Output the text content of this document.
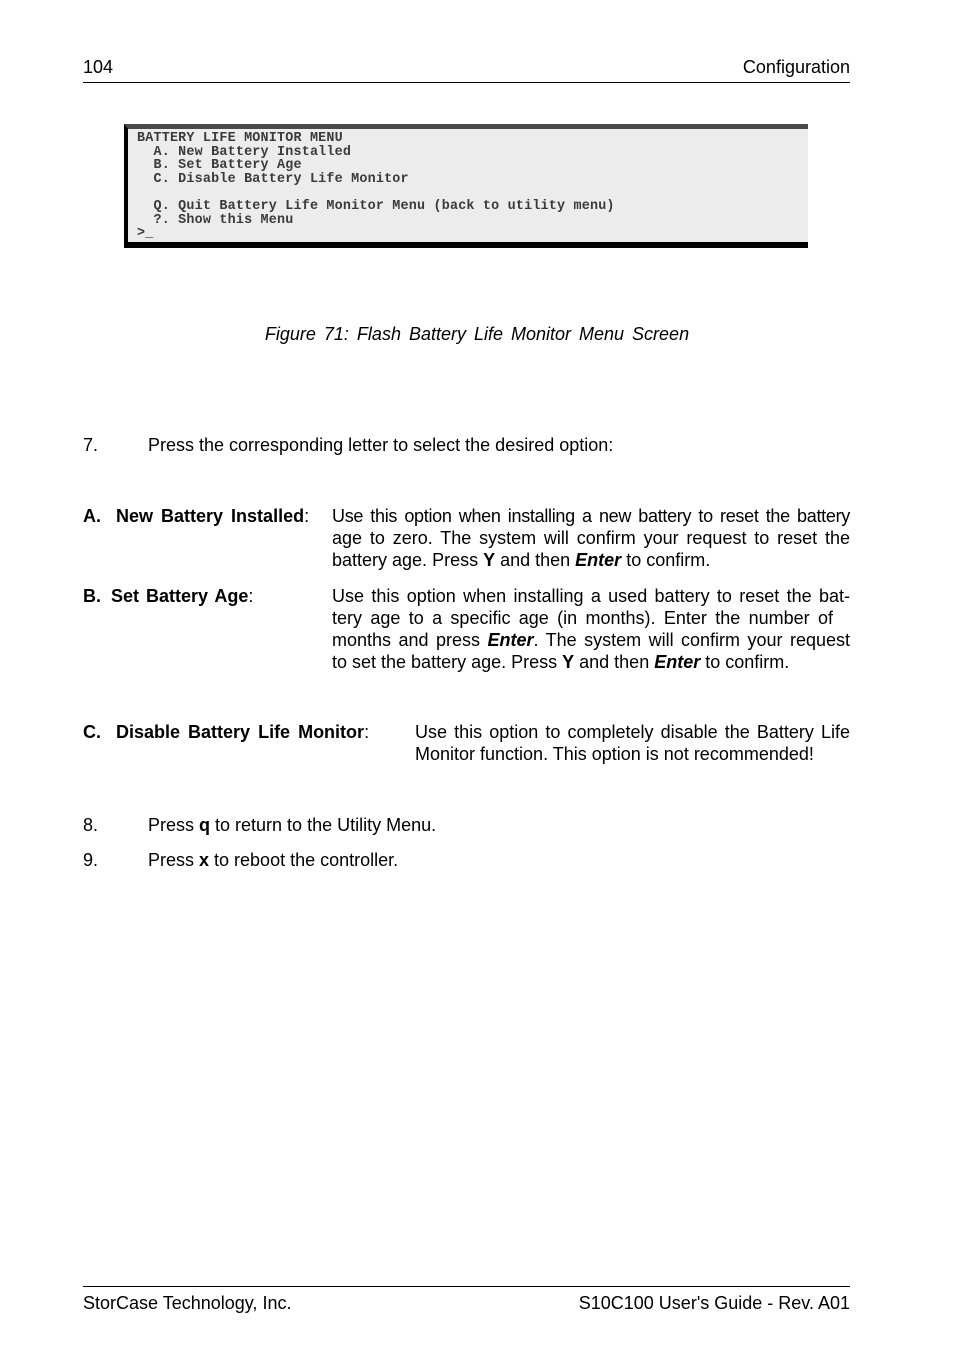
104	Configuration
BATTERY LIFE MONITOR MENU
A. New Battery Installed
B. Set Battery Age
C. Disable Battery Life Monitor

Q. Quit Battery Life Monitor Menu (back to utility menu)
?. Show this Menu
>_
Figure 71: Flash Battery Life Monitor Menu Screen
7.	Press the corresponding letter to select the desired option:
A. New Battery Installed: Use this option when installing a new battery to reset the battery
age to zero. The system will confirm your request to reset the
battery age. Press Y and then Enter to confirm.
B. Set Battery Age:	Use this option when installing a used battery to reset the bat-
tery age to a specific age (in months). Enter the number of
months and press Enter. The system will confirm your request
to set the battery age. Press Y and then Enter to confirm.
C. Disable Battery Life Monitor:	Use this option to completely disable the Battery Life
Monitor function. This option is not recommended!
8.	Press q to return to the Utility Menu.
9.	Press x to reboot the controller.
StorCase Technology, Inc.	S10C100 User's Guide - Rev. A01
